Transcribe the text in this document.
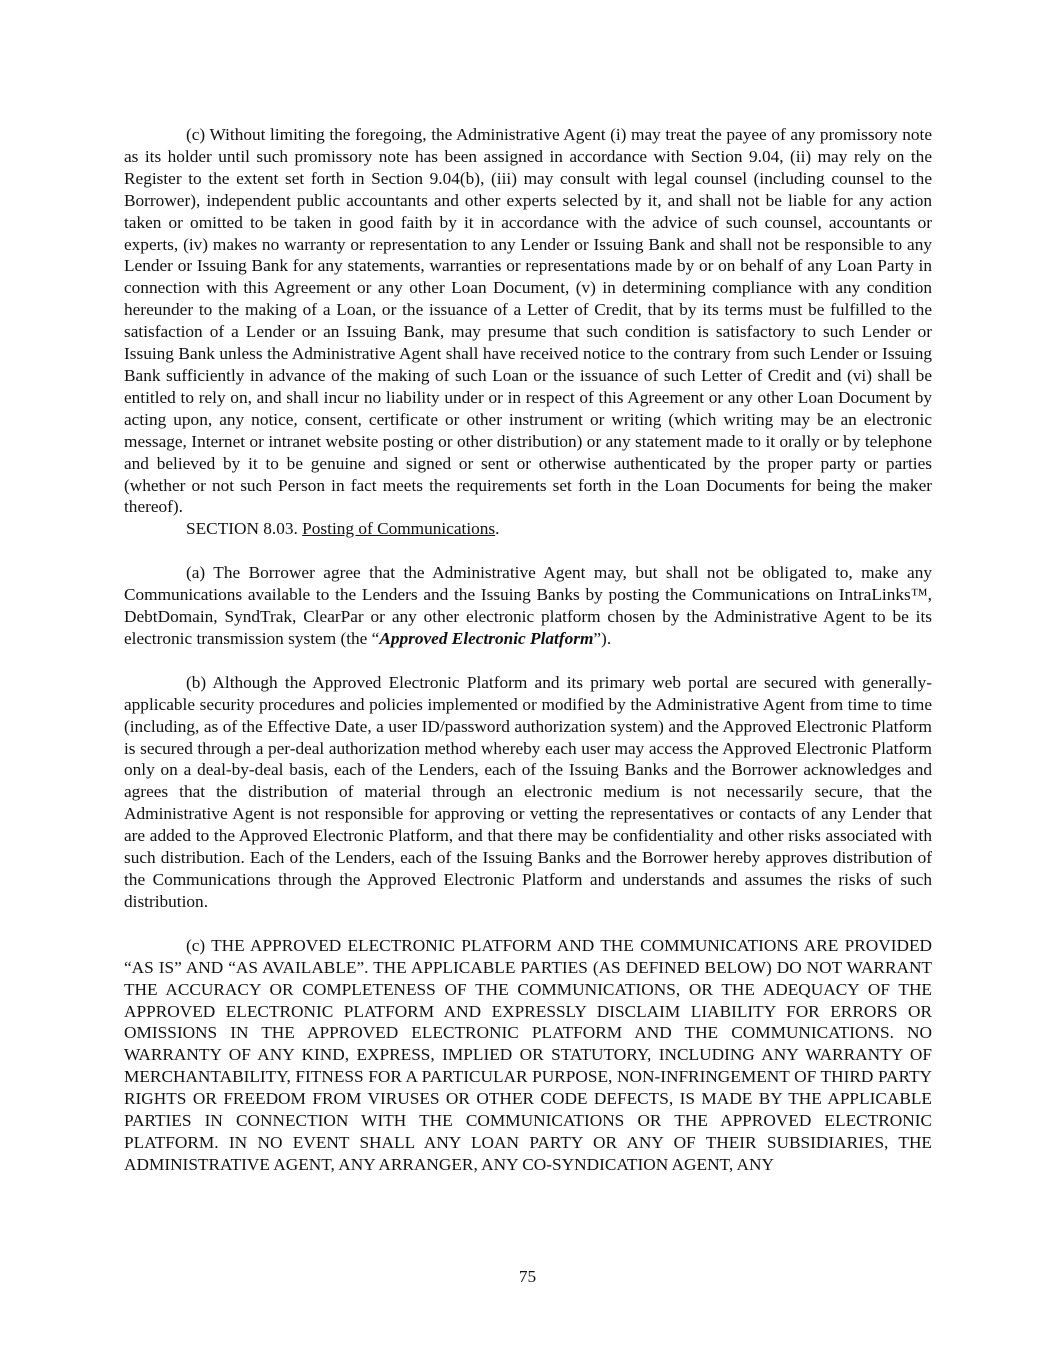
(c) Without limiting the foregoing, the Administrative Agent (i) may treat the payee of any promissory note as its holder until such promissory note has been assigned in accordance with Section 9.04, (ii) may rely on the Register to the extent set forth in Section 9.04(b), (iii) may consult with legal counsel (including counsel to the Borrower), independent public accountants and other experts selected by it, and shall not be liable for any action taken or omitted to be taken in good faith by it in accordance with the advice of such counsel, accountants or experts, (iv) makes no warranty or representation to any Lender or Issuing Bank and shall not be responsible to any Lender or Issuing Bank for any statements, warranties or representations made by or on behalf of any Loan Party in connection with this Agreement or any other Loan Document, (v) in determining compliance with any condition hereunder to the making of a Loan, or the issuance of a Letter of Credit, that by its terms must be fulfilled to the satisfaction of a Lender or an Issuing Bank, may presume that such condition is satisfactory to such Lender or Issuing Bank unless the Administrative Agent shall have received notice to the contrary from such Lender or Issuing Bank sufficiently in advance of the making of such Loan or the issuance of such Letter of Credit and (vi) shall be entitled to rely on, and shall incur no liability under or in respect of this Agreement or any other Loan Document by acting upon, any notice, consent, certificate or other instrument or writing (which writing may be an electronic message, Internet or intranet website posting or other distribution) or any statement made to it orally or by telephone and believed by it to be genuine and signed or sent or otherwise authenticated by the proper party or parties (whether or not such Person in fact meets the requirements set forth in the Loan Documents for being the maker thereof).

SECTION 8.03. Posting of Communications.

(a) The Borrower agree that the Administrative Agent may, but shall not be obligated to, make any Communications available to the Lenders and the Issuing Banks by posting the Communications on IntraLinks™, DebtDomain, SyndTrak, ClearPar or any other electronic platform chosen by the Administrative Agent to be its electronic transmission system (the “Approved Electronic Platform”).

(b) Although the Approved Electronic Platform and its primary web portal are secured with generally-applicable security procedures and policies implemented or modified by the Administrative Agent from time to time (including, as of the Effective Date, a user ID/password authorization system) and the Approved Electronic Platform is secured through a per-deal authorization method whereby each user may access the Approved Electronic Platform only on a deal-by-deal basis, each of the Lenders, each of the Issuing Banks and the Borrower acknowledges and agrees that the distribution of material through an electronic medium is not necessarily secure, that the Administrative Agent is not responsible for approving or vetting the representatives or contacts of any Lender that are added to the Approved Electronic Platform, and that there may be confidentiality and other risks associated with such distribution. Each of the Lenders, each of the Issuing Banks and the Borrower hereby approves distribution of the Communications through the Approved Electronic Platform and understands and assumes the risks of such distribution.

(c) THE APPROVED ELECTRONIC PLATFORM AND THE COMMUNICATIONS ARE PROVIDED “AS IS” AND “AS AVAILABLE”. THE APPLICABLE PARTIES (AS DEFINED BELOW) DO NOT WARRANT THE ACCURACY OR COMPLETENESS OF THE COMMUNICATIONS, OR THE ADEQUACY OF THE APPROVED ELECTRONIC PLATFORM AND EXPRESSLY DISCLAIM LIABILITY FOR ERRORS OR OMISSIONS IN THE APPROVED ELECTRONIC PLATFORM AND THE COMMUNICATIONS. NO WARRANTY OF ANY KIND, EXPRESS, IMPLIED OR STATUTORY, INCLUDING ANY WARRANTY OF MERCHANTABILITY, FITNESS FOR A PARTICULAR PURPOSE, NON-INFRINGEMENT OF THIRD PARTY RIGHTS OR FREEDOM FROM VIRUSES OR OTHER CODE DEFECTS, IS MADE BY THE APPLICABLE PARTIES IN CONNECTION WITH THE COMMUNICATIONS OR THE APPROVED ELECTRONIC PLATFORM. IN NO EVENT SHALL ANY LOAN PARTY OR ANY OF THEIR SUBSIDIARIES, THE ADMINISTRATIVE AGENT, ANY ARRANGER, ANY CO-SYNDICATION AGENT, ANY

75
